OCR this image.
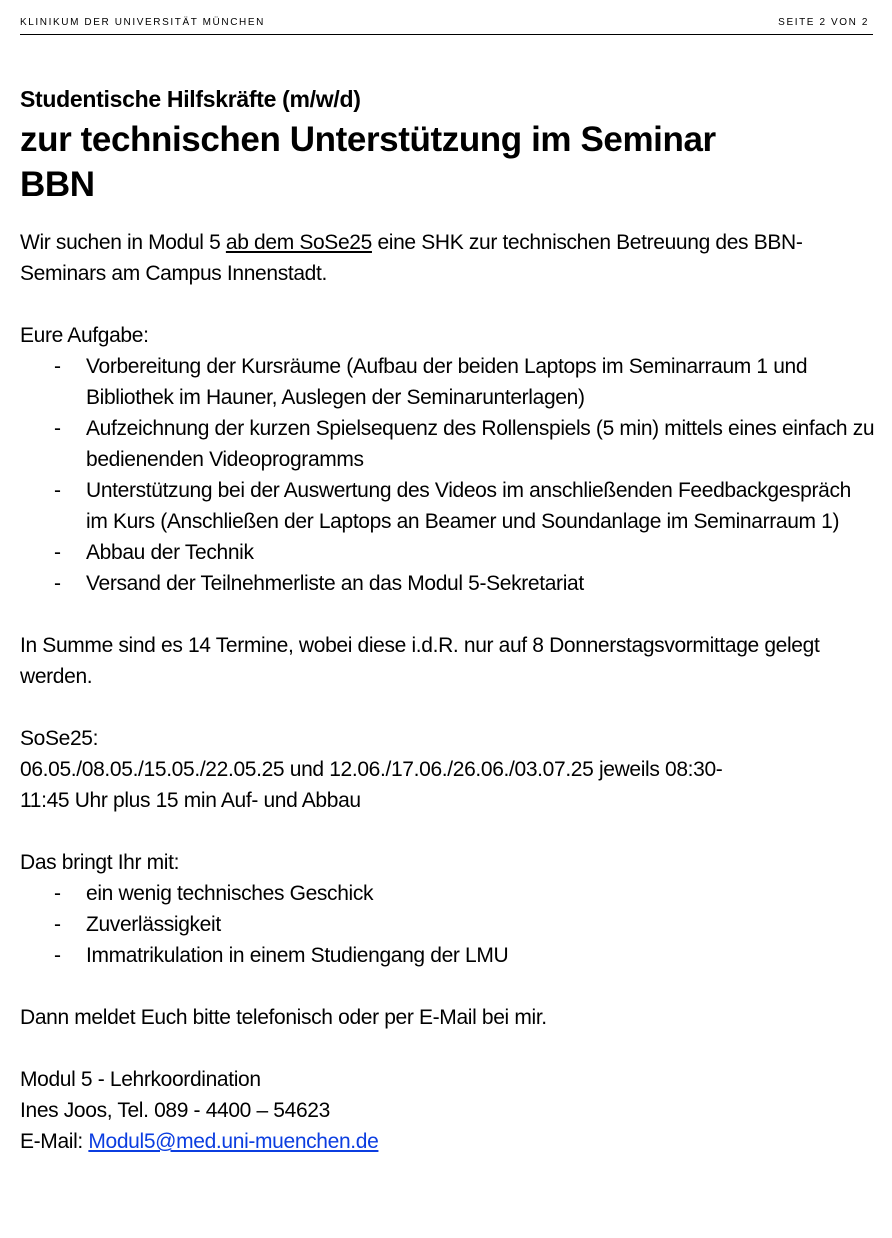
KLINIKUM DER UNIVERSITÄT MÜNCHEN	SEITE 2 VON 2
Studentische Hilfskräfte (m/w/d)
zur technischen Unterstützung im Seminar
BBN

Wir suchen in Modul 5 ab dem SoSe25 eine SHK zur technischen Betreuung des BBN-Seminars am Campus Innenstadt.

Eure Aufgabe:

- Vorbereitung der Kursräume (Aufbau der beiden Laptops im Seminarraum 1 und Bibliothek im Hauner, Auslegen der Seminarunterlagen)
- Aufzeichnung der kurzen Spielsequenz des Rollenspiels (5 min) mittels eines einfach zu bedienenden Videoprogramms
- Unterstützung bei der Auswertung des Videos im anschließenden Feedbackgespräch im Kurs (Anschließen der Laptops an Beamer und Soundanlage im Seminarraum 1)
- Abbau der Technik
- Versand der Teilnehmerliste an das Modul 5-Sekretariat

In Summe sind es 14 Termine, wobei diese i.d.R. nur auf 8 Donnerstagsvormittage gelegt werden.

SoSe25:

06.05./08.05./15.05./22.05.25 und 12.06./17.06./26.06./03.07.25 jeweils 08:30-

11:45 Uhr plus 15 min Auf- und Abbau

Das bringt Ihr mit:

- ein wenig technisches Geschick
- Zuverlässigkeit
- Immatrikulation in einem Studiengang der LMU

Dann meldet Euch bitte telefonisch oder per E-Mail bei mir.

Modul 5 - Lehrkoordination

Ines Joos, Tel. 089 - 4400 – 54623

E-Mail: Modul5@med.uni-muenchen.de
